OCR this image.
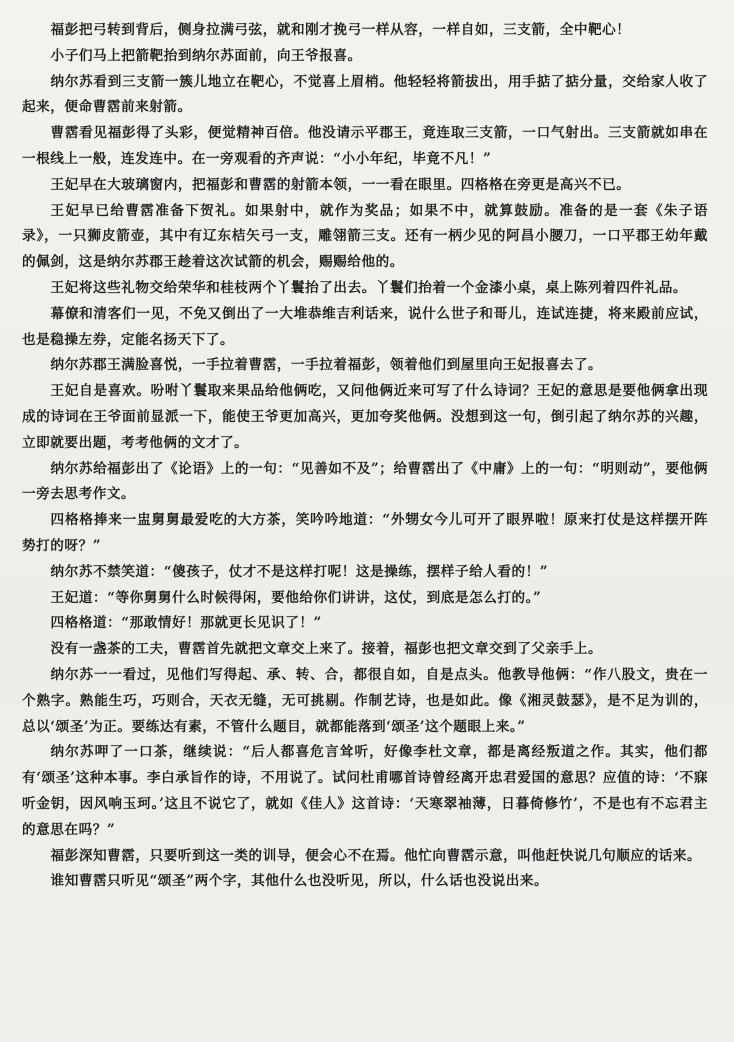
福彭把弓转到背后，侧身拉满弓弦，就和刚才挽弓一样从容，一样自如，三支箭，全中靶心！

小子们马上把箭靶抬到纳尔苏面前，向王爷报喜。

纳尔苏看到三支箭一簇儿地立在靶心，不觉喜上眉梢。他轻轻将箭拔出，用手掂了掂分量，交给家人收了起来，便命曹霑前来射箭。

曹霑看见福彭得了头彩，便觉精神百倍。他没请示平郡王，竟连取三支箭，一口气射出。三支箭就如串在一根线上一般，连发连中。在一旁观看的齐声说：“小小年纪，毕竟不凡！”

王妃早在大玻璃窗内，把福彭和曹霑的射箭本领，一一看在眼里。四格格在旁更是高兴不已。

王妃早已给曹霑准备下贺礼。如果射中，就作为奖品；如果不中，就算鼓励。准备的是一套《朱子语录》，一只狮皮箭壶，其中有辽东桔矢弓一支，雕翎箭三支。还有一柄少见的阿昌小腰刀，一口平郡王幼年戴的佩剑，这是纳尔苏郡王趁着这次试箭的机会，赐赐给他的。

王妃将这些礼物交给荣华和桂枝两个丫鬟抬了出去。丫鬟们抬着一个金漆小桌，桌上陈列着四件礼品。

幕僚和清客们一见，不免又倒出了一大堆恭维吉利话来，说什么世子和哥儿，连试连捷，将来殿前应试，也是稳操左券，定能名扬天下了。

纳尔苏郡王满脸喜悦，一手拉着曹霑，一手拉着福彭，领着他们到屋里向王妃报喜去了。

王妃自是喜欢。吩咐丫鬟取来果品给他俩吃，又问他俩近来可写了什么诗词？王妃的意思是要他俩拿出现成的诗词在王爷面前显派一下，能使王爷更加高兴，更加夸奖他俩。没想到这一句，倒引起了纳尔苏的兴趣，立即就要出题，考考他俩的文才了。

纳尔苏给福彭出了《论语》上的一句：“见善如不及”；给曹霑出了《中庸》上的一句：“明则动”，要他俩一旁去思考作文。

四格格捧来一盅舅舅最爱吃的大方茶，笑吟吟地道：“外甥女今儿可开了眼界啦！原来打仗是这样摆开阵势打的呀？”

纳尔苏不禁笑道：“傻孩子，仗才不是这样打呢！这是操练，摆样子给人看的！”

王妃道：“等你舅舅什么时候得闲，要他给你们讲讲，这仗，到底是怎么打的。”

四格格道：“那敢情好！那就更长见识了！”

没有一盏茶的工夫，曹霑首先就把文章交上来了。接着，福彭也把文章交到了父亲手上。

纳尔苏一一看过，见他们写得起、承、转、合，都很自如，自是点头。他教导他俩：“作八股文，贵在一个熟字。熟能生巧，巧则合，天衣无缝，无可挑剔。作制艺诗，也是如此。像《湘灵鼓瑟》，是不足为训的，总以‘颂圣’为正。要练达有素，不管什么题目，就都能落到‘颂圣’这个题眼上来。”

纳尔苏呷了一口茶，继续说：“后人都喜危言耸听，好像李杜文章，都是离经叛道之作。其实，他们都有‘颂圣’这种本事。李白承旨作的诗，不用说了。试问杜甫哪首诗曾经离开忠君爱国的意思？应值的诗：‘不寐听金钥，因风响玉珂。’这且不说它了，就如《佳人》这首诗：‘天寒翠袖薄，日暮倚修竹’，不是也有不忘君主的意思在吗？”

福彭深知曹霑，只要听到这一类的训导，便会心不在焉。他忙向曹霑示意，叫他赶快说几句顺应的话来。

谁知曹霑只听见“颂圣”两个字，其他什么也没听见，所以，什么话也没说出来。
